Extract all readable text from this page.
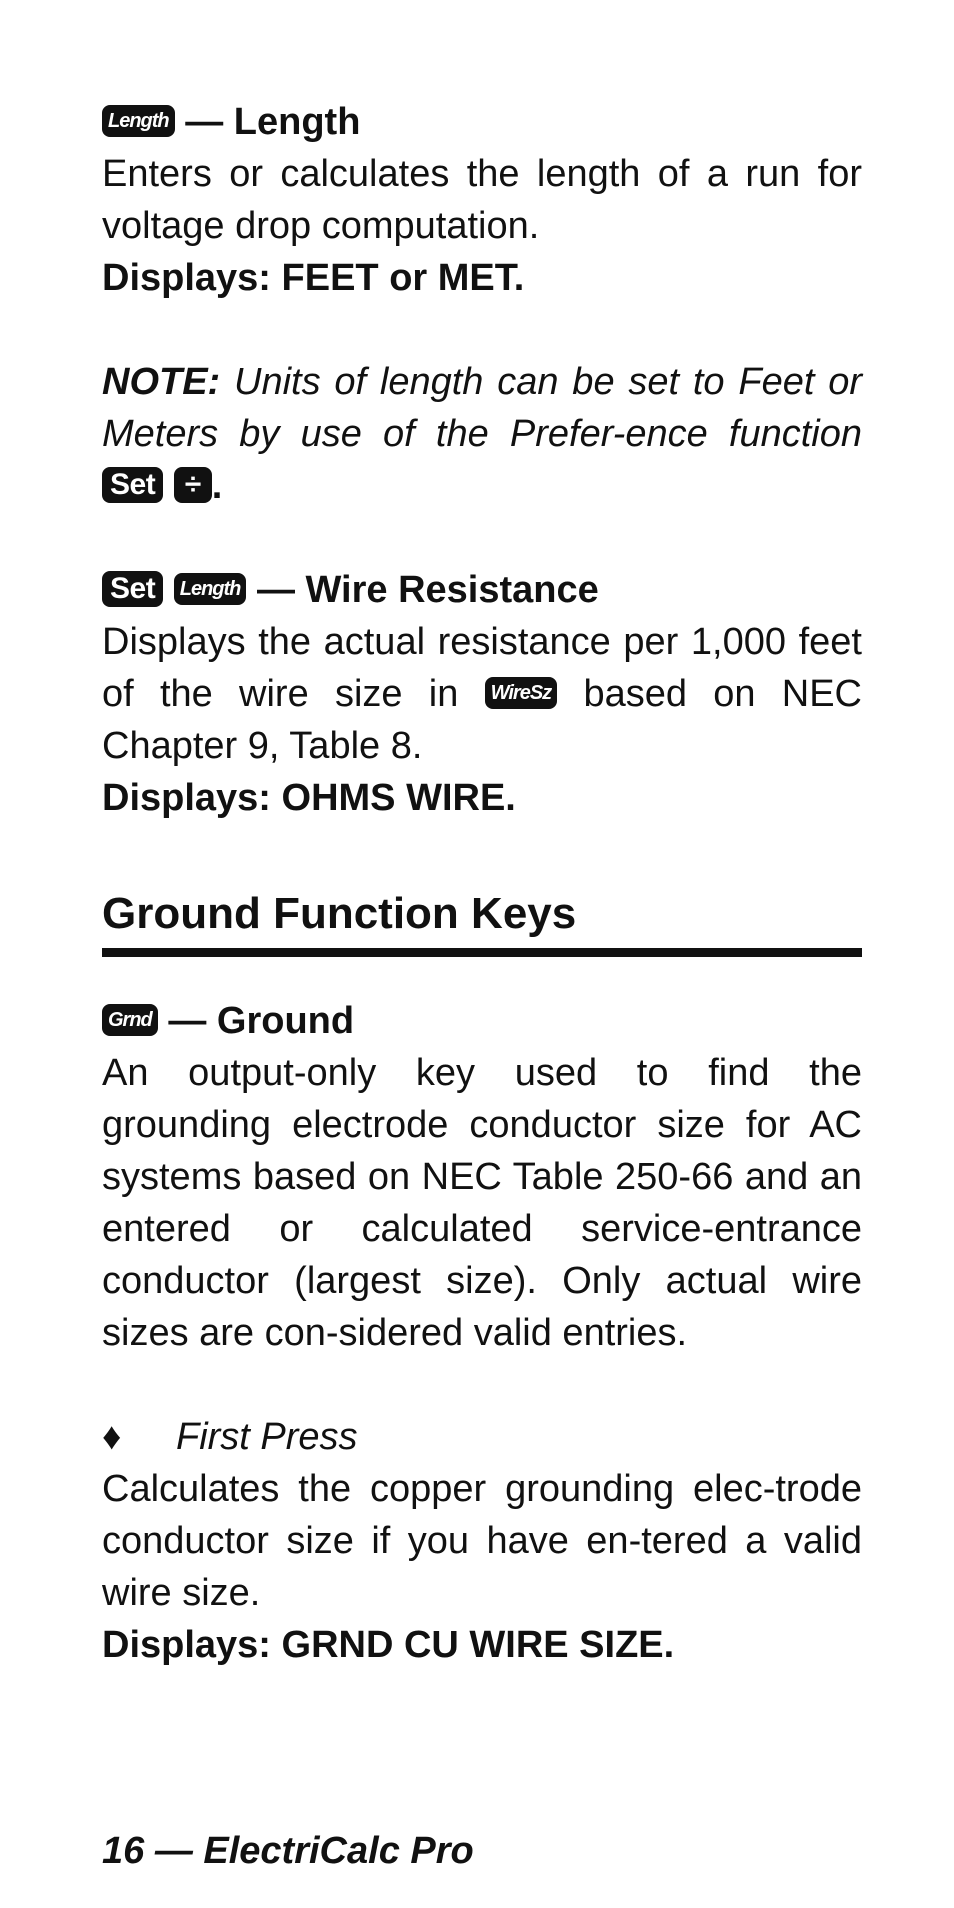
Length — Length

Enters or calculates the length of a run for voltage drop computation.

Displays: FEET or MET.

NOTE: Units of length can be set to Feet or Meters by use of the Prefer-ence function Set ÷ .

Set Length — Wire Resistance

Displays the actual resistance per 1,000 feet of the wire size in WireSz based on NEC Chapter 9, Table 8.

Displays: OHMS WIRE.

Ground Function Keys

Grnd — Ground

An output-only key used to find the grounding electrode conductor size for AC systems based on NEC Table 250-66 and an entered or calculated service-entrance conductor (largest size). Only actual wire sizes are con-sidered valid entries.

♦ First Press

Calculates the copper grounding elec-trode conductor size if you have en-tered a valid wire size.

Displays: GRND CU WIRE SIZE.

16 — ElectriCalc Pro
